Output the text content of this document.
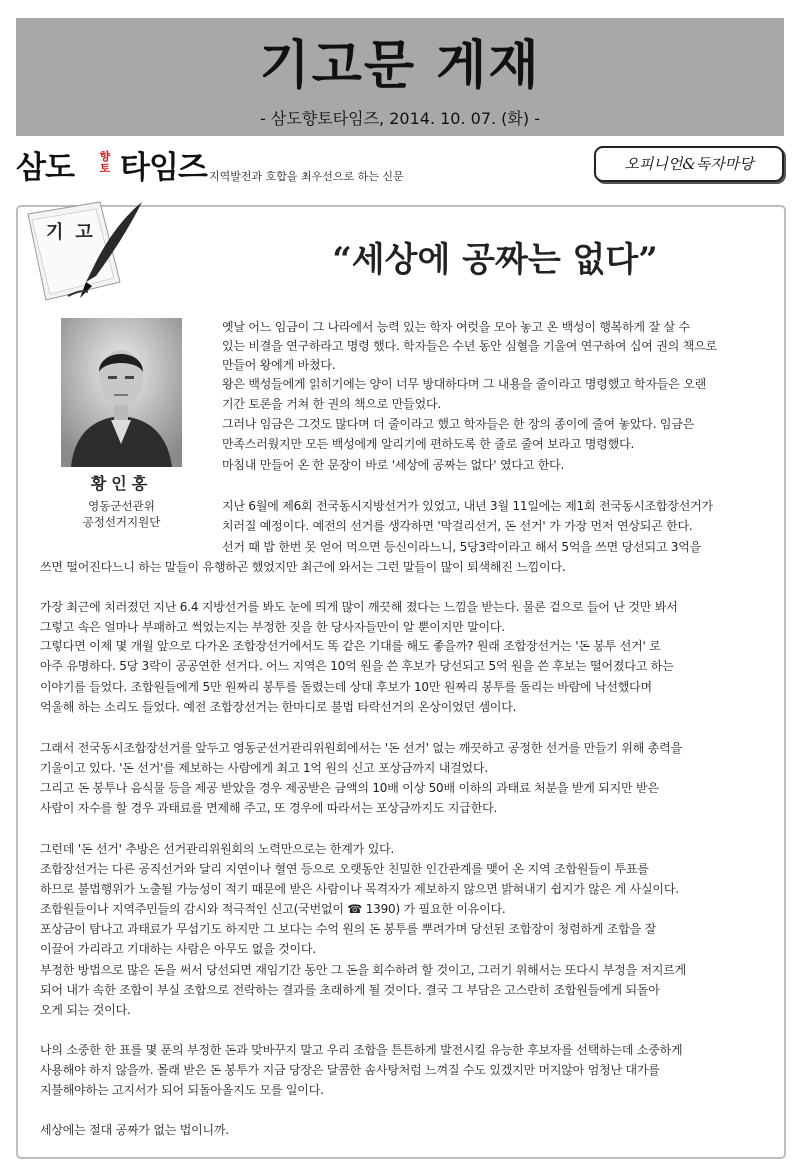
기고문 게재
- 삼도향토타임즈, 2014. 10. 07. (화) -
삼도	향
토 타임즈 지역발전과 호합을 최우선으로 하는 신문
오피니언&독자마당
기고
“세상에 공짜는 없다”
황인홍
영동군선관위
공정선거지원단
옛날 어느 임금이 그 나라에서 능력 있는 학자 여럿을 모아 놓고 온 백성이 행복하게 잘 살 수
있는 비결을 연구하라고 명령 했다. 학자들은 수년 동안 심혈을 기울여 연구하여 십여 권의 책으로
만들어 왕에게 바쳤다.
왕은 백성들에게 읽히기에는 양이 너무 방대하다며 그 내용을 줄이라고 명령했고 학자들은 오랜
기간 토론을 거쳐 한 권의 책으로 만들었다.
그러나 임금은 그것도 많다며 더 줄이라고 했고 학자들은 한 장의 종이에 줄여 놓았다. 임금은
만족스러웠지만 모든 백성에게 알리기에 편하도록 한 줄로 줄여 보라고 명령했다.
마침내 만들어 온 한 문장이 바로 '세상에 공짜는 없다' 였다고 한다.
지난 6월에 제6회 전국동시지방선거가 있었고, 내년 3월 11일에는 제1회 전국동시조합장선거가
치러질 예정이다. 예전의 선거를 생각하면 '막걸리선거, 돈 선거' 가 가장 먼저 연상되곤 한다.
선거 때 밥 한번 못 얻어 먹으면 등신이라느니, 5당3락이라고 해서 5억을 쓰면 당선되고 3억을
쓰면 떨어진다느니 하는 말들이 유행하곤 했었지만 최근에 와서는 그런 말들이 많이 퇴색해진 느낌이다.
가장 최근에 치러졌던 지난 6.4 지방선거를 봐도 눈에 띄게 많이 깨끗해 졌다는 느낌을 받는다. 물론 겉으로 들어 난 것만 봐서
그렇고 속은 얼마나 부패하고 썩었는지는 부정한 짓을 한 당사자들만이 알 뿐이지만 말이다.
그렇다면 이제 몇 개월 앞으로 다가온 조합장선거에서도 똑 같은 기대를 해도 좋을까? 원래 조합장선거는 '돈 봉투 선거' 로
아주 유명하다. 5당 3락이 공공연한 선거다. 어느 지역은 10억 원을 쓴 후보가 당선되고 5억 원을 쓴 후보는 떨어졌다고 하는
이야기를 들었다. 조합원들에게 5만 원짜리 봉투를 돌렸는데 상대 후보가 10만 원짜리 봉투를 돌리는 바람에 낙선했다며
억울해 하는 소리도 들었다. 예전 조합장선거는 한마디로 불법 타락선거의 온상이었던 셈이다.
그래서 전국동시조합장선거를 앞두고 영동군선거관리위원회에서는 '돈 선거' 없는 깨끗하고 공정한 선거를 만들기 위해 총력을
기울이고 있다. '돈 선거'를 제보하는 사람에게 최고 1억 원의 신고 포상금까지 내걸었다.
그리고 돈 봉투나 음식물 등을 제공 받았을 경우 제공받은 금액의 10배 이상 50배 이하의 과태료 처분을 받게 되지만 받은
사람이 자수를 할 경우 과태료를 면제해 주고, 또 경우에 따라서는 포상금까지도 지급한다.
그런데 '돈 선거' 추방은 선거관리위원회의 노력만으로는 한계가 있다.
조합장선거는 다른 공직선거와 달리 지연이나 혈연 등으로 오랫동안 친밀한 인간관계를 맺어 온 지역 조합원들이 투표를
하므로 불법행위가 노출될 가능성이 적기 때문에 받은 사람이나 목격자가 제보하지 않으면 밝혀내기 쉽지가 않은 게 사실이다.
조합원들이나 지역주민들의 감시와 적극적인 신고(국번없이 ☎ 1390) 가 필요한 이유이다.
포상금이 탐나고 과태료가 무섭기도 하지만 그 보다는 수억 원의 돈 봉투를 뿌려가며 당선된 조합장이 청렴하게 조합을 잘
이끌어 가리라고 기대하는 사람은 아무도 없을 것이다.
부정한 방법으로 많은 돈을 써서 당선되면 재임기간 동안 그 돈을 회수하려 할 것이고, 그러기 위해서는 또다시 부정을 저지르게
되어 내가 속한 조합이 부실 조합으로 전락하는 결과를 초래하게 될 것이다. 결국 그 부담은 고스란히 조합원들에게 되돌아
오게 되는 것이다.
나의 소중한 한 표를 몇 푼의 부정한 돈과 맞바꾸지 말고 우리 조합을 튼튼하게 발전시킬 유능한 후보자를 선택하는데 소중하게
사용해야 하지 않을까. 몰래 받은 돈 봉투가 지금 당장은 달콤한 솜사탕처럼 느껴질 수도 있겠지만 머지않아 엄청난 대가를
지불해야하는 고지서가 되어 되돌아올지도 모를 일이다.
세상에는 절대 공짜가 없는 법이니까.
